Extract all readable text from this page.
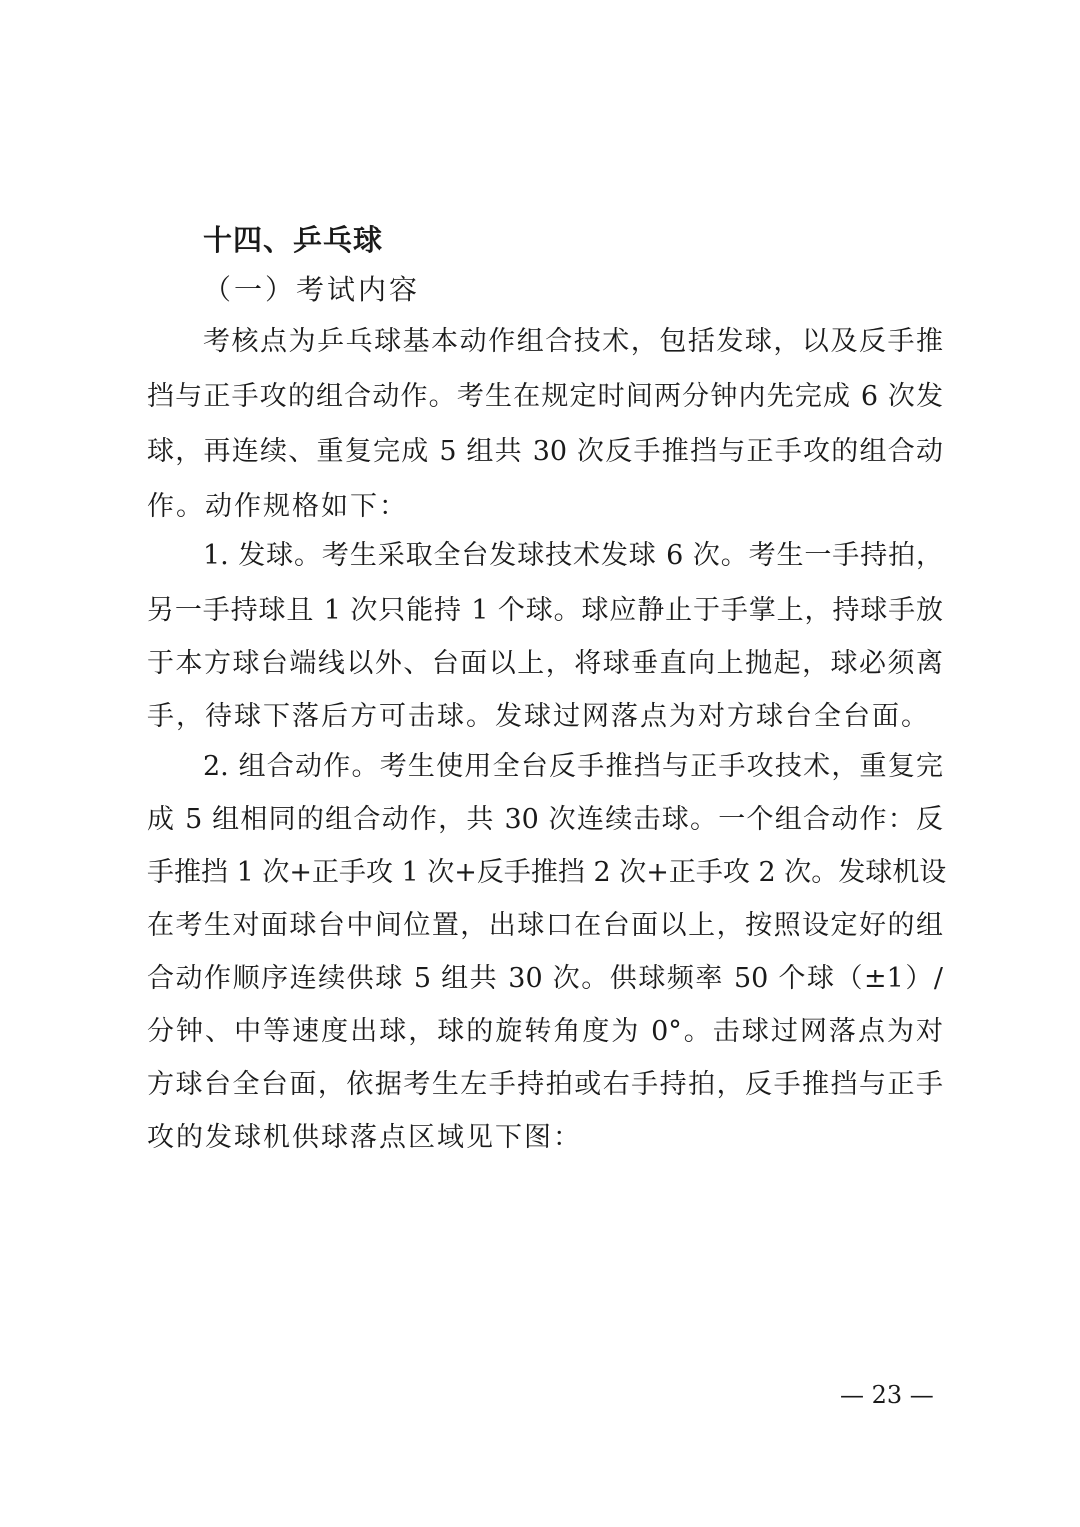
十四、乒乓球
（一）考试内容
考核点为乒乓球基本动作组合技术，包括发球，以及反手推
挡与正手攻的组合动作。考生在规定时间两分钟内先完成 6 次发
球，再连续、重复完成 5 组共 30 次反手推挡与正手攻的组合动
作。动作规格如下：
1. 发球。考生采取全台发球技术发球 6 次。考生一手持拍，
另一手持球且 1 次只能持 1 个球。球应静止于手掌上，持球手放
于本方球台端线以外、台面以上，将球垂直向上抛起，球必须离
手，待球下落后方可击球。发球过网落点为对方球台全台面。
2. 组合动作。考生使用全台反手推挡与正手攻技术，重复完
成 5 组相同的组合动作，共 30 次连续击球。一个组合动作：反
手推挡 1 次+正手攻 1 次+反手推挡 2 次+正手攻 2 次。发球机设
在考生对面球台中间位置，出球口在台面以上，按照设定好的组
合动作顺序连续供球 5 组共 30 次。供球频率 50 个球（±1）/
分钟、中等速度出球，球的旋转角度为 0°。击球过网落点为对
方球台全台面，依据考生左手持拍或右手持拍，反手推挡与正手
攻的发球机供球落点区域见下图：
— 23 —
